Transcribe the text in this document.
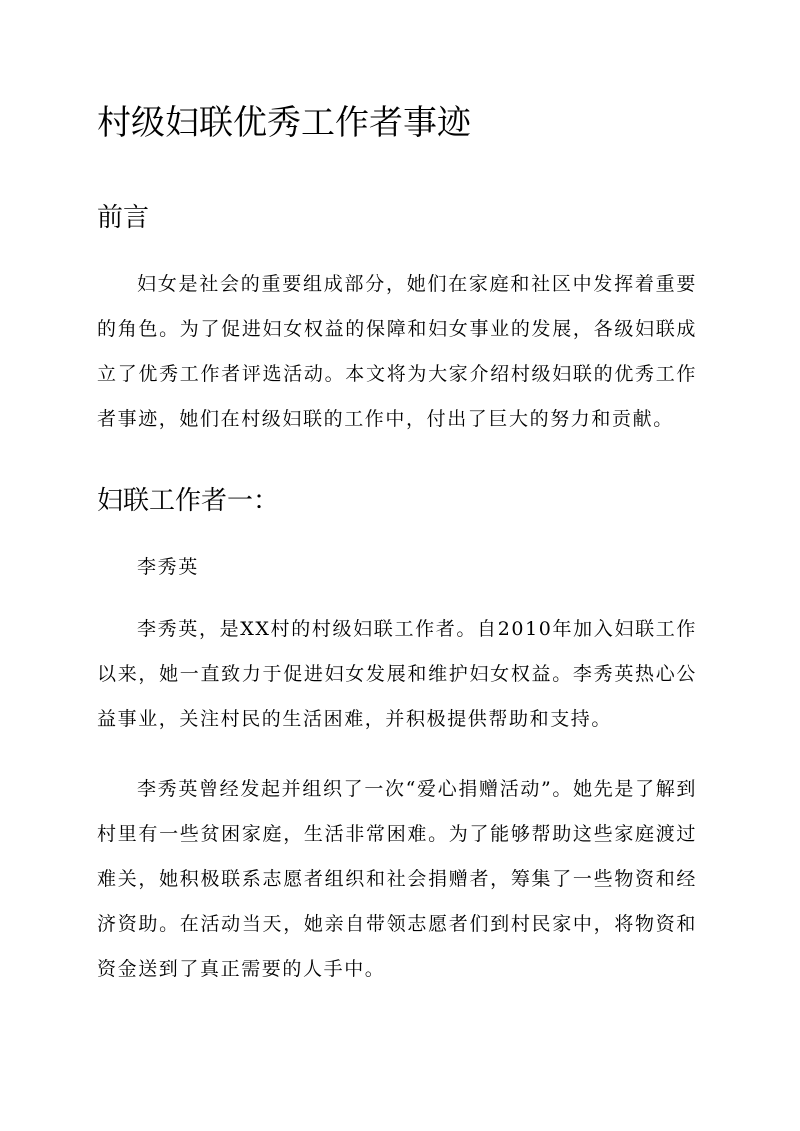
村级妇联优秀工作者事迹
前言

妇女是社会的重要组成部分，她们在家庭和社区中发挥着重要的角色。为了促进妇女权益的保障和妇女事业的发展，各级妇联成立了优秀工作者评选活动。本文将为大家介绍村级妇联的优秀工作者事迹，她们在村级妇联的工作中，付出了巨大的努力和贡献。

妇联工作者一：

李秀英

李秀英，是XX村的村级妇联工作者。自2010年加入妇联工作以来，她一直致力于促进妇女发展和维护妇女权益。李秀英热心公益事业，关注村民的生活困难，并积极提供帮助和支持。

李秀英曾经发起并组织了一次“爱心捐赠活动”。她先是了解到村里有一些贫困家庭，生活非常困难。为了能够帮助这些家庭渡过难关，她积极联系志愿者组织和社会捐赠者，筹集了一些物资和经济资助。在活动当天，她亲自带领志愿者们到村民家中，将物资和资金送到了真正需要的人手中。
